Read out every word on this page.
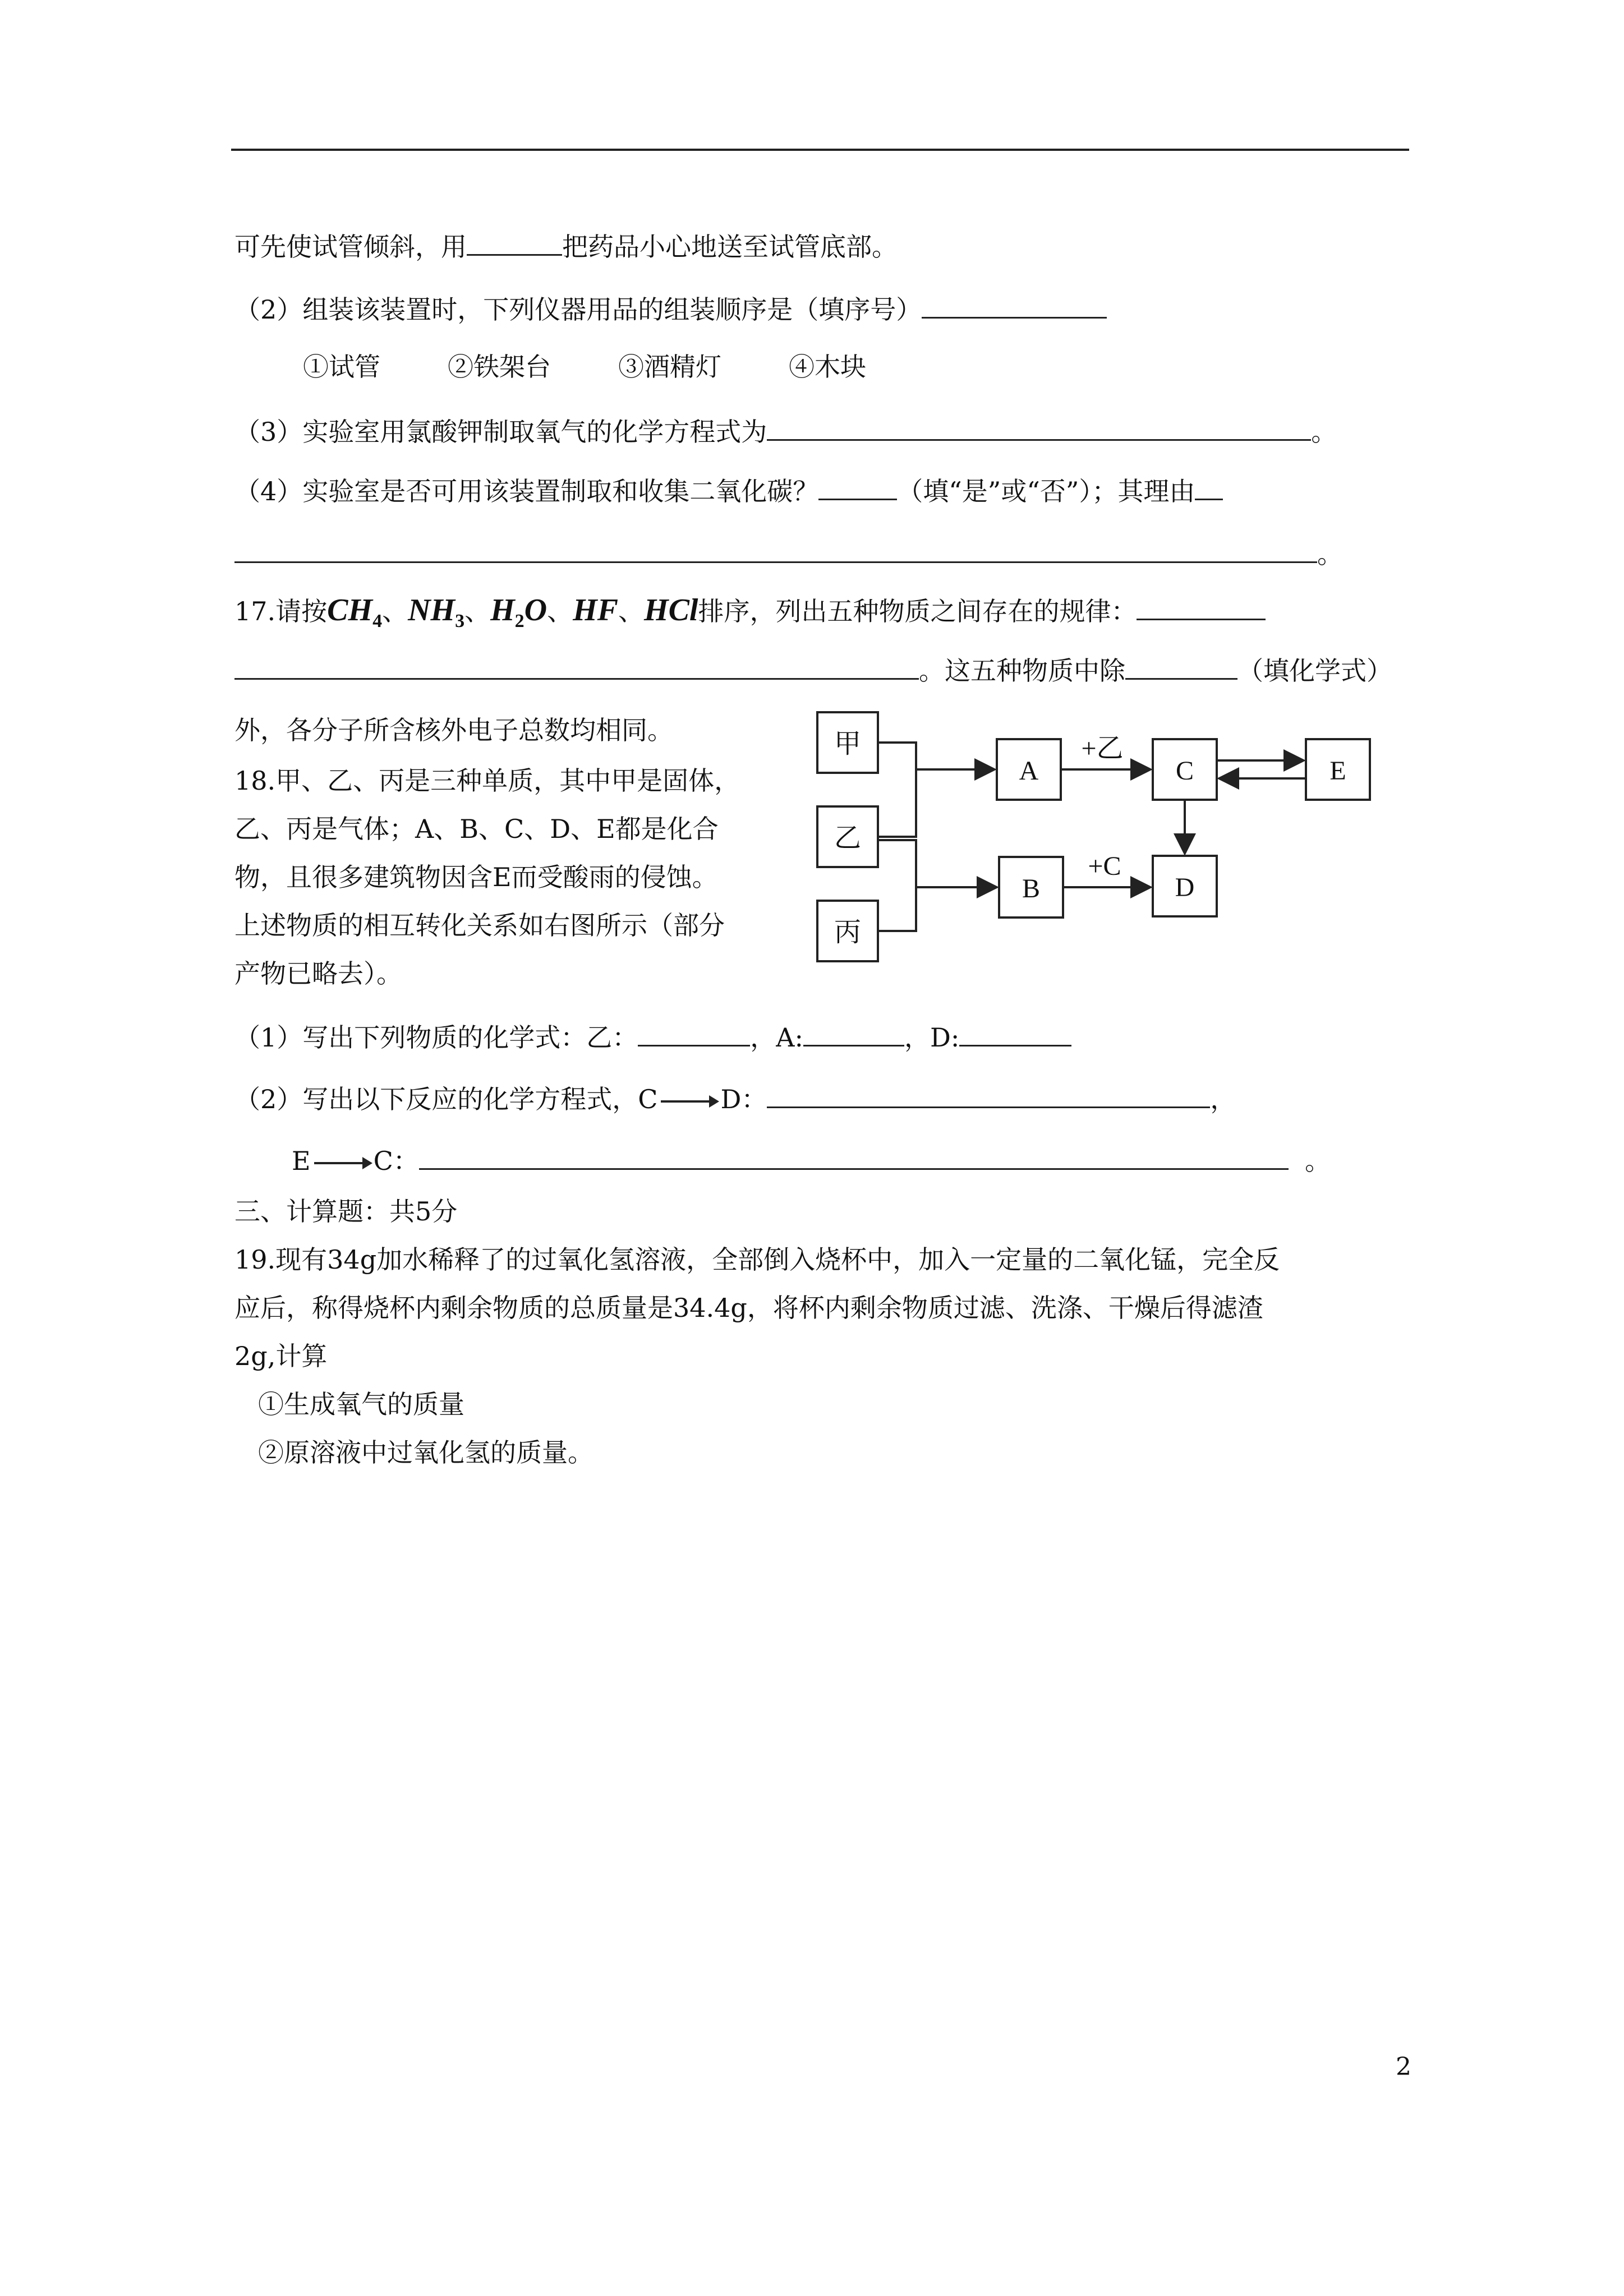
可先使试管倾斜，用	把药品小心地送至试管底部。
（2）组装该装置时，下列仪器用品的组装顺序是（填序号）
①试管	②铁架台	③酒精灯	④木块
（3）实验室用氯酸钾制取氧气的化学方程式为	。
（4）实验室是否可用该装置制取和收集二氧化碳？	（填“是”或“否”）；其理由
。
17.请按$CH_4$、$NH_3$、$H_2O$、HF、HCl排序，列出五种物质之间存在的规律：
。这五种物质中除	（填化学式）
外，各分子所含核外电子总数均相同。
18.甲、乙、丙是三种单质，其中甲是固体，
乙、丙是气体；A、B、C、D、E都是化合
物，且很多建筑物因含E而受酸雨的侵蚀。
上述物质的相互转化关系如右图所示（部分
产物已略去）。
甲
乙
丙
A	C	E
B	D
+乙
+C
（1）写出下列物质的化学式：乙：	，A:	，D:
（2）写出以下反应的化学方程式，C D：	，
E C：	。
三、计算题：共5分
19.现有34g加水稀释了的过氧化氢溶液，全部倒入烧杯中，加入一定量的二氧化锰，完全反
应后，称得烧杯内剩余物质的总质量是34.4g，将杯内剩余物质过滤、洗涤、干燥后得滤渣
2g,计算
①生成氧气的质量
②原溶液中过氧化氢的质量。
2
